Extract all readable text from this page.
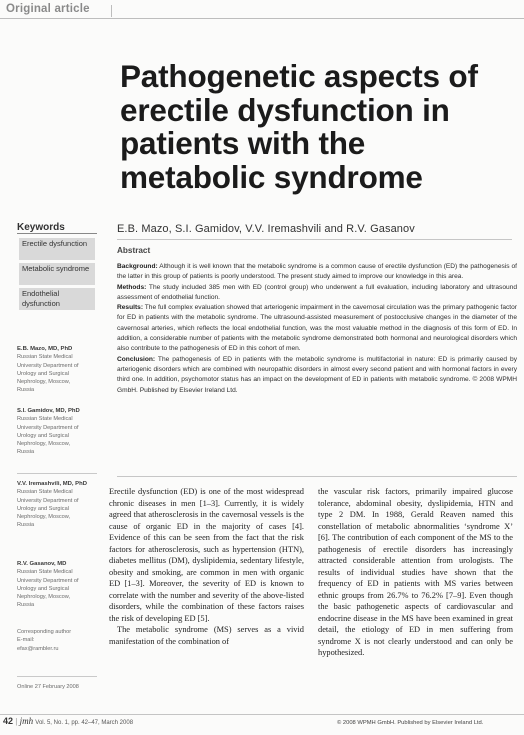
Original article
Pathogenetic aspects of
erectile dysfunction in
patients with the
metabolic syndrome
Keywords
Erectile dysfunction
Metabolic syndrome
Endothelial dysfunction
E.B. Mazo, MD, PhD
Russian State Medical
University Department of
Urology and Surgical
Nephrology, Moscow,
Russia
S.I. Gamidov, MD, PhD
Russian State Medical
University Department of
Urology and Surgical
Nephrology, Moscow,
Russia
V.V. Iremashvili, MD, PhD
Russian State Medical
University Department of
Urology and Surgical
Nephrology, Moscow,
Russia
R.V. Gasanov, MD
Russian State Medical
University Department of
Urology and Surgical
Nephrology, Moscow,
Russia
Corresponding author
E-mail:
efax@rambler.ru
Online 27 February 2008
E.B. Mazo, S.I. Gamidov, V.V. Iremashvili and R.V. Gasanov
Abstract
Background: Although it is well known that the metabolic syndrome is a common cause of erectile dysfunction (ED) the pathogenesis of the latter in this group of patients is poorly understood. The present study aimed to improve our knowledge in this area.
Methods: The study included 385 men with ED (control group) who underwent a full evaluation, including laboratory and ultrasound assessment of endothelial function.
Results: The full complex evaluation showed that arteriogenic impairment in the cavernosal circulation was the primary pathogenic factor for ED in patients with the metabolic syndrome. The ultrasound-assisted measurement of postocclusive changes in the diameter of the cavernosal arteries, which reflects the local endothelial function, was the most valuable method in the diagnosis of this form of ED. In addition, a considerable number of patients with the metabolic syndrome demonstrated both hormonal and neurological disorders which also contribute to the pathogenesis of ED in this cohort of men.
Conclusion: The pathogenesis of ED in patients with the metabolic syndrome is multifactorial in nature: ED is primarily caused by arteriogenic disorders which are combined with neuropathic disorders in almost every second patient and with hormonal factors in every third one. In addition, psychomotor status has an impact on the development of ED in patients with metabolic syndrome. © 2008 WPMH GmbH. Published by Elsevier Ireland Ltd.

Erectile dysfunction (ED) is one of the most widespread chronic diseases in men [1–3]. Currently, it is widely agreed that atherosclerosis in the cavernosal vessels is the cause of organic ED in the majority of cases [4]. Evidence of this can be seen from the fact that the risk factors for atherosclerosis, such as hypertension (HTN), diabetes mellitus (DM), dyslipidemia, sedentary lifestyle, obesity and smoking, are common in men with organic ED [1–3]. Moreover, the severity of ED is known to correlate with the number and severity of the above-listed disorders, while the combination of these factors raises the risk of developing ED [5].

The metabolic syndrome (MS) serves as a vivid manifestation of the combination of

the vascular risk factors, primarily impaired glucose tolerance, abdominal obesity, dyslipidemia, HTN and type 2 DM. In 1988, Gerald Reaven named this constellation of metabolic abnormalities ‘syndrome X’ [6]. The contribution of each component of the MS to the pathogenesis of erectile disorders has increasingly attracted considerable attention from urologists. The results of individual studies have shown that the frequency of ED in patients with MS varies between ethnic groups from 26.7% to 76.2% [7–9]. Even though the basic pathogenetic aspects of cardiovascular and endocrine disease in the MS have been examined in great detail, the etiology of ED in men suffering from syndrome X is not clearly understood and can only be hypothesized.

42 | jmh Vol. 5, No. 1, pp. 42–47, March 2008	© 2008 WPMH GmbH. Published by Elsevier Ireland Ltd.
